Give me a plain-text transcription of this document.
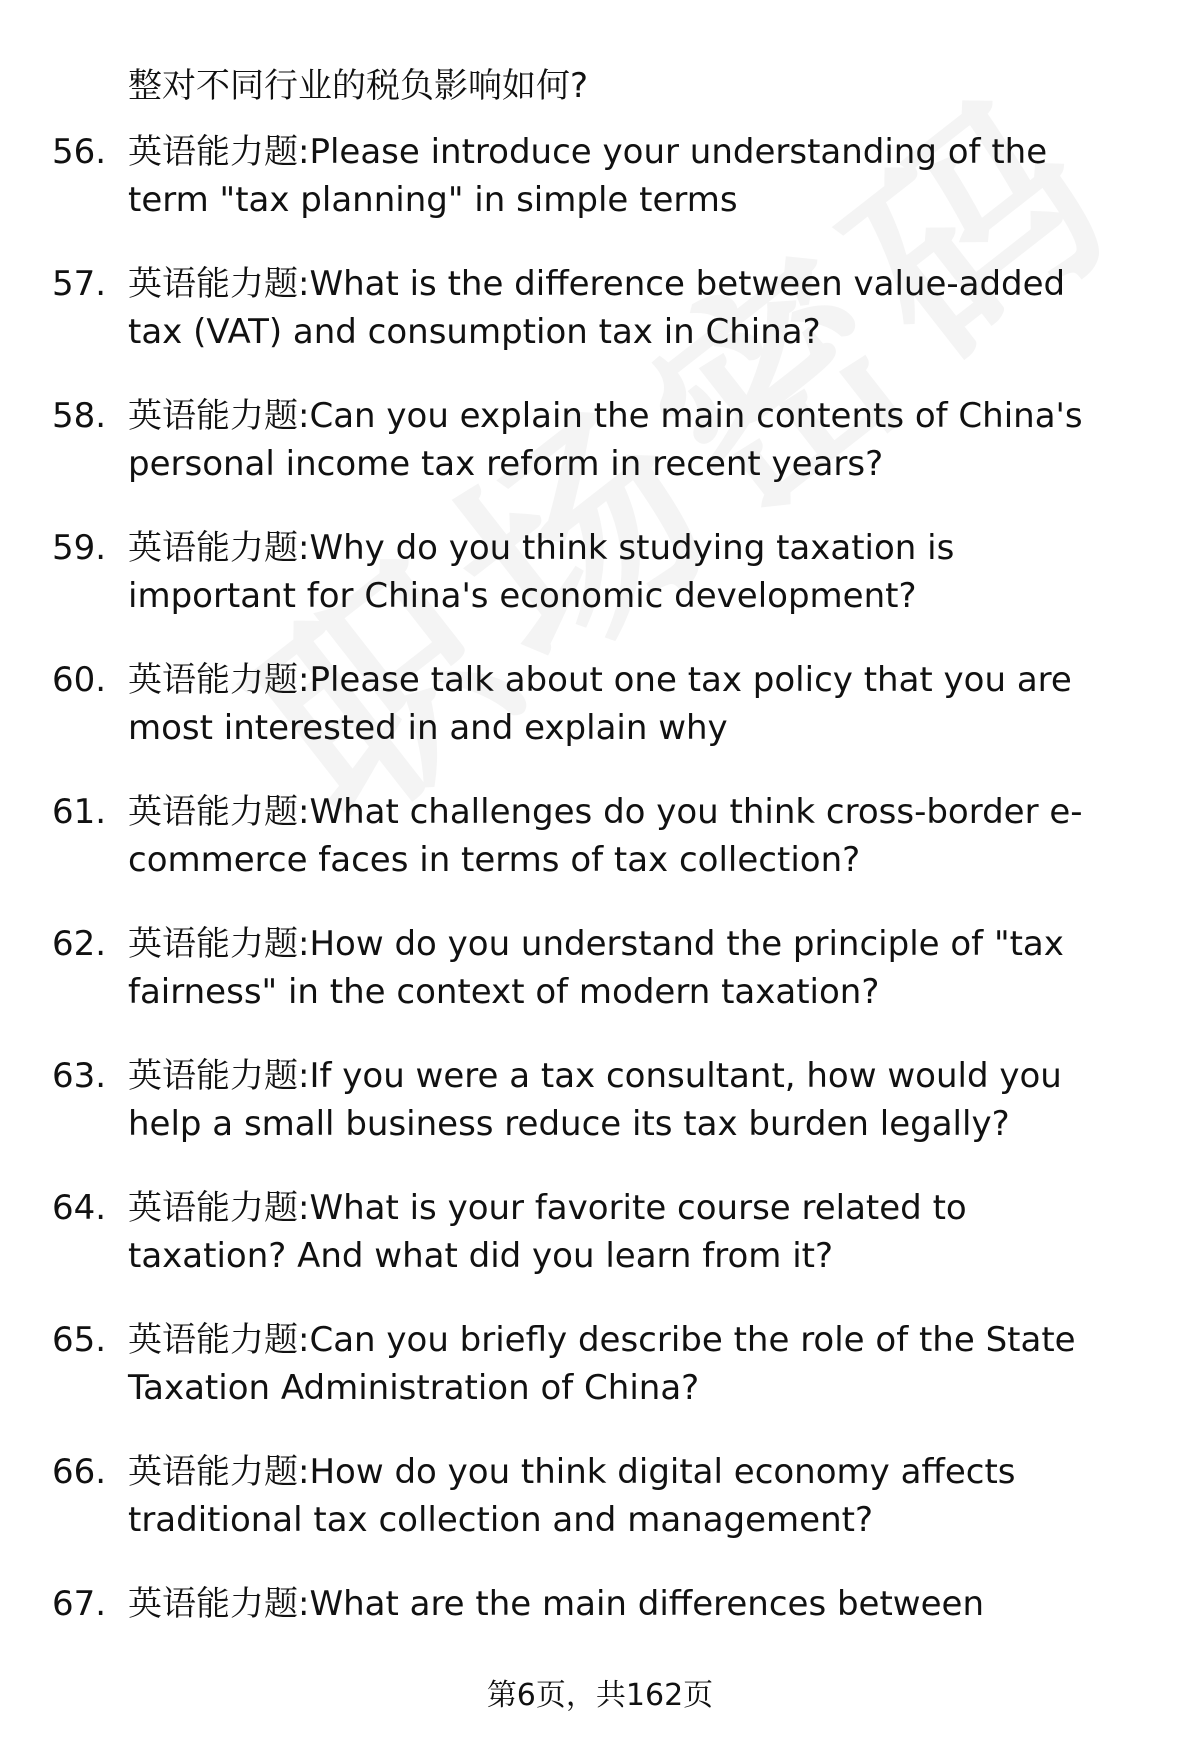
整对不同行业的税负影响如何?
56. 英语能力题:Please introduce your understanding of the
term "tax planning" in simple terms
57. 英语能力题:What is the difference between value-added
tax (VAT) and consumption tax in China?
58. 英语能力题:Can you explain the main contents of China's
personal income tax reform in recent years?
59. 英语能力题:Why do you think studying taxation is
important for China's economic development?
60. 英语能力题:Please talk about one tax policy that you are
most interested in and explain why
61. 英语能力题:What challenges do you think cross-border e-
commerce faces in terms of tax collection?
62. 英语能力题:How do you understand the principle of "tax
fairness" in the context of modern taxation?
63. 英语能力题:If you were a tax consultant, how would you
help a small business reduce its tax burden legally?
64. 英语能力题:What is your favorite course related to
taxation? And what did you learn from it?
65. 英语能力题:Can you briefly describe the role of the State
Taxation Administration of China?
66. 英语能力题:How do you think digital economy affects
traditional tax collection and management?
67. 英语能力题:What are the main differences between
第6页，共162页
